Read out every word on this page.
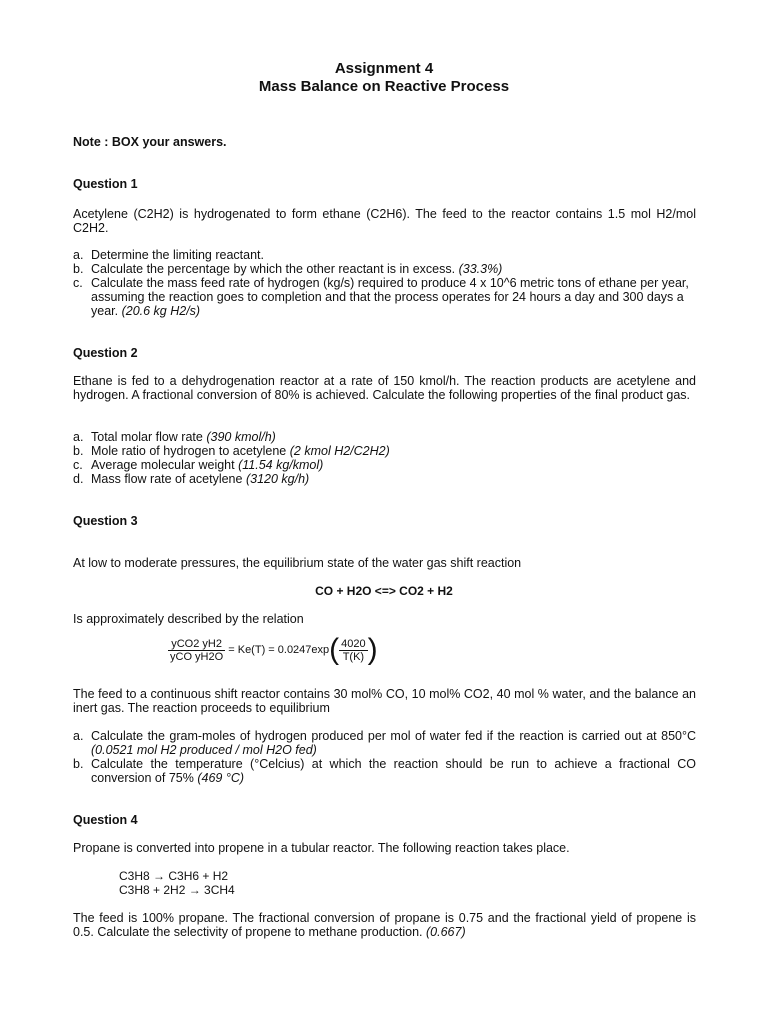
Assignment 4
Mass Balance on Reactive Process
Note : BOX your answers.
Question 1
Acetylene (C2H2) is hydrogenated to form ethane (C2H6). The feed to the reactor contains 1.5 mol H2/mol C2H2.
a. Determine the limiting reactant.
b. Calculate the percentage by which the other reactant is in excess. (33.3%)
c. Calculate the mass feed rate of hydrogen (kg/s) required to produce 4 x 10^6 metric tons of ethane per year, assuming the reaction goes to completion and that the process operates for 24 hours a day and 300 days a year. (20.6 kg H2/s)
Question 2
Ethane is fed to a dehydrogenation reactor at a rate of 150 kmol/h. The reaction products are acetylene and hydrogen. A fractional conversion of 80% is achieved. Calculate the following properties of the final product gas.
a. Total molar flow rate (390 kmol/h)
b. Mole ratio of hydrogen to acetylene (2 kmol H2/C2H2)
c. Average molecular weight (11.54 kg/kmol)
d. Mass flow rate of acetylene (3120 kg/h)
Question 3
At low to moderate pressures, the equilibrium state of the water gas shift reaction
CO + H2O <=> CO2 + H2
Is approximately described by the relation
$\frac{\text{yCO2 yH2}}{\text{yCO yH2O}} = Ke(T) = 0.0247\exp( \frac{4020}{T(K)}$ )
The feed to a continuous shift reactor contains 30 mol% CO, 10 mol% CO2, 40 mol % water, and the balance an inert gas. The reaction proceeds to equilibrium
a. Calculate the gram-moles of hydrogen produced per mol of water fed if the reaction is carried out at 850°C (0.0521 mol H2 produced / mol H2O fed)
b. Calculate the temperature (°Celcius) at which the reaction should be run to achieve a fractional CO conversion of 75% (469 °C)
Question 4
Propane is converted into propene in a tubular reactor. The following reaction takes place.
C3H8 → C3H6 + H2
C3H8 + 2H2 → 3CH4
The feed is 100% propane. The fractional conversion of propane is 0.75 and the fractional yield of propene is 0.5. Calculate the selectivity of propene to methane production. (0.667)
